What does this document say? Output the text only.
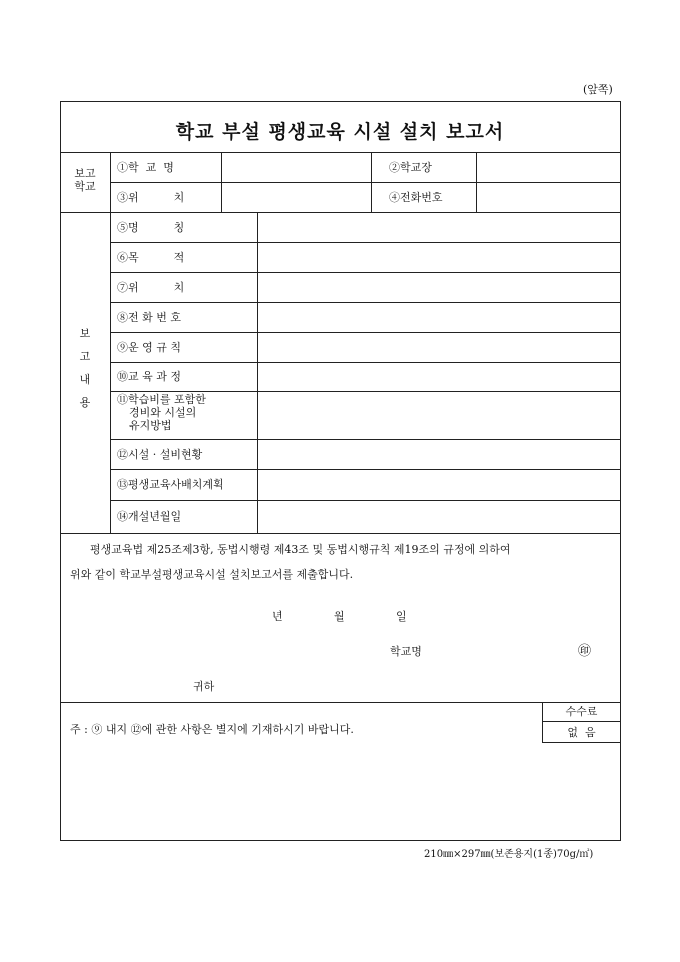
(앞쪽)
학교 부설 평생교육 시설 설치 보고서
보고
학교
①학  교  명	②학교장
③위          치	④전화번호
보
고
내
용
⑤명          칭
⑥목          적
⑦위          치
⑧전 화 번 호
⑨운 영 규 칙
⑩교 육 과 정
⑪학습비를 포함한
경비와 시설의
유지방법
⑫시설 · 설비현황
⑬평생교육사배치계획
⑭개설년월일
평생교육법 제25조제3항, 동법시행령 제43조 및 동법시행규칙 제19조의 규정에 의하여
위와 같이 학교부설평생교육시설 설치보고서를 제출합니다.
년	월	일
학교명	㊞
귀하
주 : ⑨ 내지 ⑫에 관한 사항은 별지에 기재하시기 바랍니다.
수수료
없  음
210㎜×297㎜(보존용지(1종)70g/㎡)
